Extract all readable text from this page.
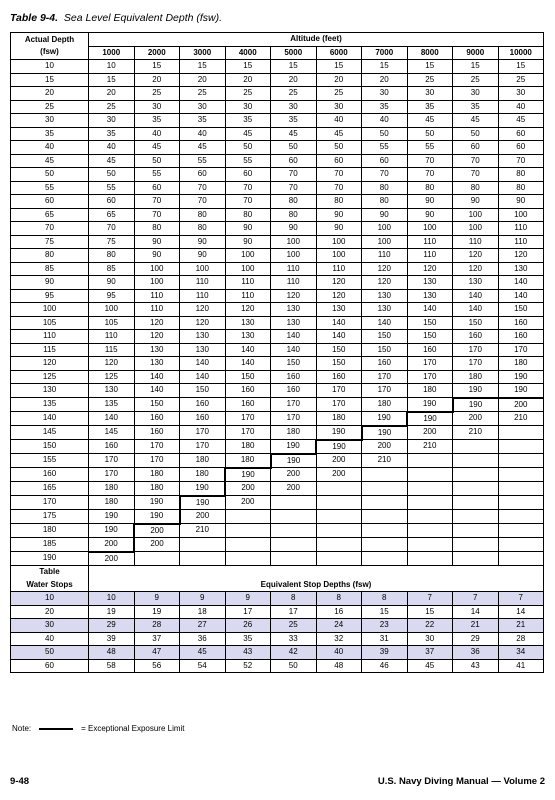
Table 9-4. Sea Level Equivalent Depth (fsw).
Actual Depth
(fsw)	Altitude (feet)									
	1000	2000	3000	4000	5000	6000	7000	8000	9000	10000
10	10	15	15	15	15	15	15	15	15	15
15	15	20	20	20	20	20	20	25	25	25
20	20	25	25	25	25	25	30	30	30	30
25	25	30	30	30	30	30	35	35	35	40
30	30	35	35	35	35	40	40	45	45	45
35	35	40	40	45	45	45	50	50	50	60
40	40	45	45	50	50	50	55	55	60	60
45	45	50	55	55	60	60	60	70	70	70
50	50	55	60	60	70	70	70	70	70	80
55	55	60	70	70	70	70	80	80	80	80
60	60	70	70	70	80	80	80	90	90	90
65	65	70	80	80	80	90	90	90	100	100
70	70	80	80	90	90	90	100	100	100	110
75	75	90	90	90	100	100	100	110	110	110
80	80	90	90	100	100	100	110	110	120	120
85	85	100	100	100	110	110	120	120	120	130
90	90	100	110	110	110	120	120	130	130	140
95	95	110	110	110	120	120	130	130	140	140
100	100	110	120	120	130	130	130	140	140	150
105	105	120	120	130	130	140	140	150	150	160
110	110	120	130	130	140	140	150	150	160	160
115	115	130	130	140	140	150	150	160	170	170
120	120	130	140	140	150	150	160	170	170	180
125	125	140	140	150	160	160	170	170	180	190
130	130	140	150	160	160	170	170	180	190	190
135	135	150	160	160	170	170	180	190	190	200
140	140	160	160	170	170	180	190	190	200	210
145	145	160	170	170	180	190	190	200	210	
150	160	170	170	180	190	190	200	210		
155	170	170	180	180	190	200	210			
160	170	180	180	190	200	200				
165	180	180	190	200	200					
170	180	190	190	200						
175	190	190	200							
180	190	200	210							
185	200	200								
190	200									

Table
Water Stops	Equivalent Stop Depths (fsw)									
10	10	9	9	9	8	8	8	7	7	7
20	19	19	18	17	17	16	15	15	14	14
30	29	28	27	26	25	24	23	22	21	21
40	39	37	36	35	33	32	31	30	29	28
50	48	47	45	43	42	40	39	37	36	34
60	58	56	54	52	50	48	46	45	43	41
Note:	= Exceptional Exposure Limit
9-48	U.S. Navy Diving Manual — Volume 2
